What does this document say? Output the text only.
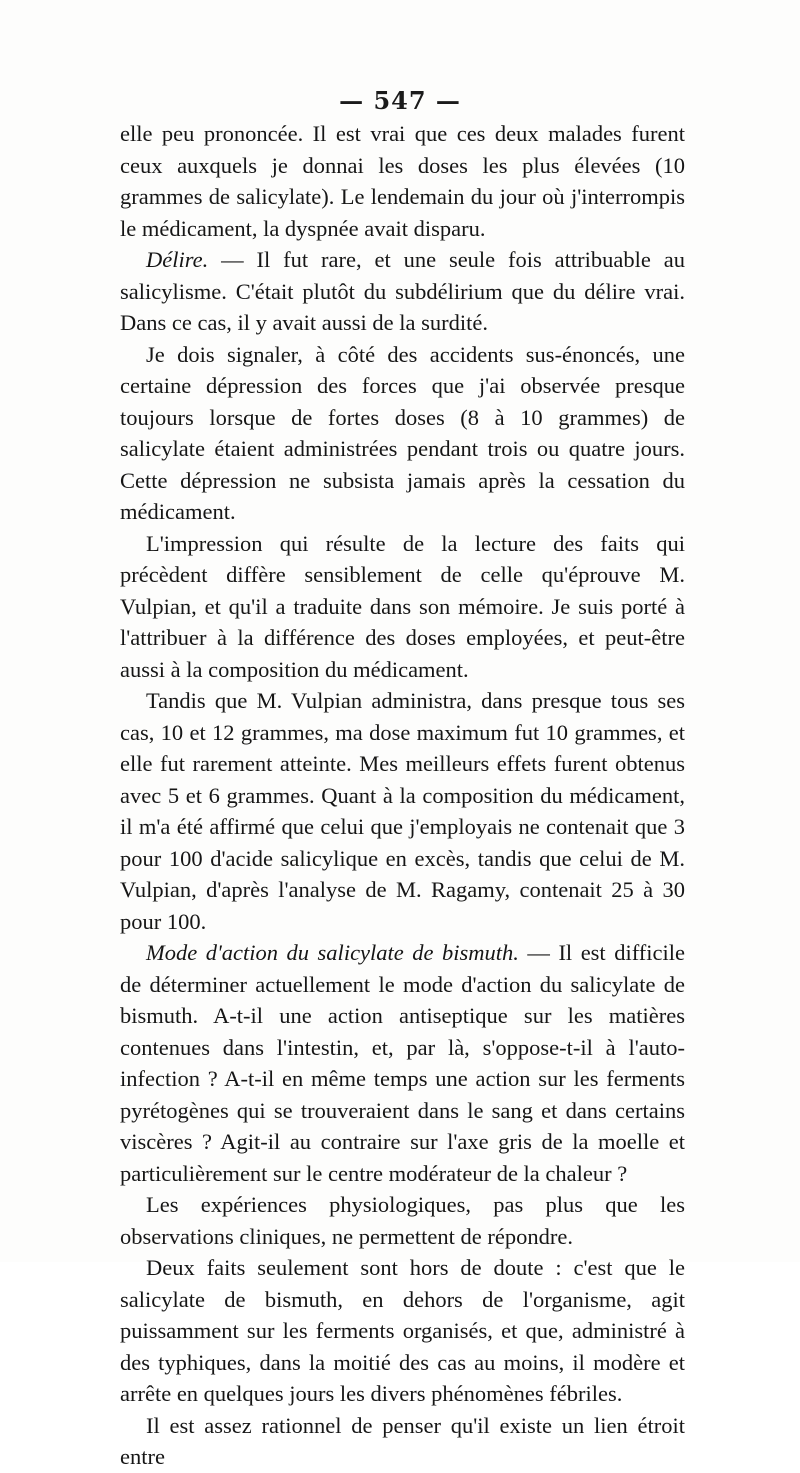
— 547 —

elle peu prononcée. Il est vrai que ces deux malades furent ceux auxquels je donnai les doses les plus élevées (10 grammes de salicylate). Le lendemain du jour où j'interrompis le médicament, la dyspnée avait disparu.

Délire. — Il fut rare, et une seule fois attribuable au salicylisme. C'était plutôt du subdélirium que du délire vrai. Dans ce cas, il y avait aussi de la surdité.

Je dois signaler, à côté des accidents sus-énoncés, une certaine dépression des forces que j'ai observée presque toujours lorsque de fortes doses (8 à 10 grammes) de salicylate étaient administrées pendant trois ou quatre jours. Cette dépression ne subsista jamais après la cessation du médicament.

L'impression qui résulte de la lecture des faits qui précèdent diffère sensiblement de celle qu'éprouve M. Vulpian, et qu'il a traduite dans son mémoire. Je suis porté à l'attribuer à la différence des doses employées, et peut-être aussi à la composition du médicament.

Tandis que M. Vulpian administra, dans presque tous ses cas, 10 et 12 grammes, ma dose maximum fut 10 grammes, et elle fut rarement atteinte. Mes meilleurs effets furent obtenus avec 5 et 6 grammes. Quant à la composition du médicament, il m'a été affirmé que celui que j'employais ne contenait que 3 pour 100 d'acide salicylique en excès, tandis que celui de M. Vulpian, d'après l'analyse de M. Ragamy, contenait 25 à 30 pour 100.

Mode d'action du salicylate de bismuth. — Il est difficile de déterminer actuellement le mode d'action du salicylate de bismuth. A-t-il une action antiseptique sur les matières contenues dans l'intestin, et, par là, s'oppose-t-il à l'auto-infection ? A-t-il en même temps une action sur les ferments pyrétogènes qui se trouveraient dans le sang et dans certains viscères ? Agit-il au contraire sur l'axe gris de la moelle et particulièrement sur le centre modérateur de la chaleur ?

Les expériences physiologiques, pas plus que les observations cliniques, ne permettent de répondre.

Deux faits seulement sont hors de doute : c'est que le salicylate de bismuth, en dehors de l'organisme, agit puissamment sur les ferments organisés, et que, administré à des typhiques, dans la moitié des cas au moins, il modère et arrête en quelques jours les divers phénomènes fébriles.

Il est assez rationnel de penser qu'il existe un lien étroit entre
